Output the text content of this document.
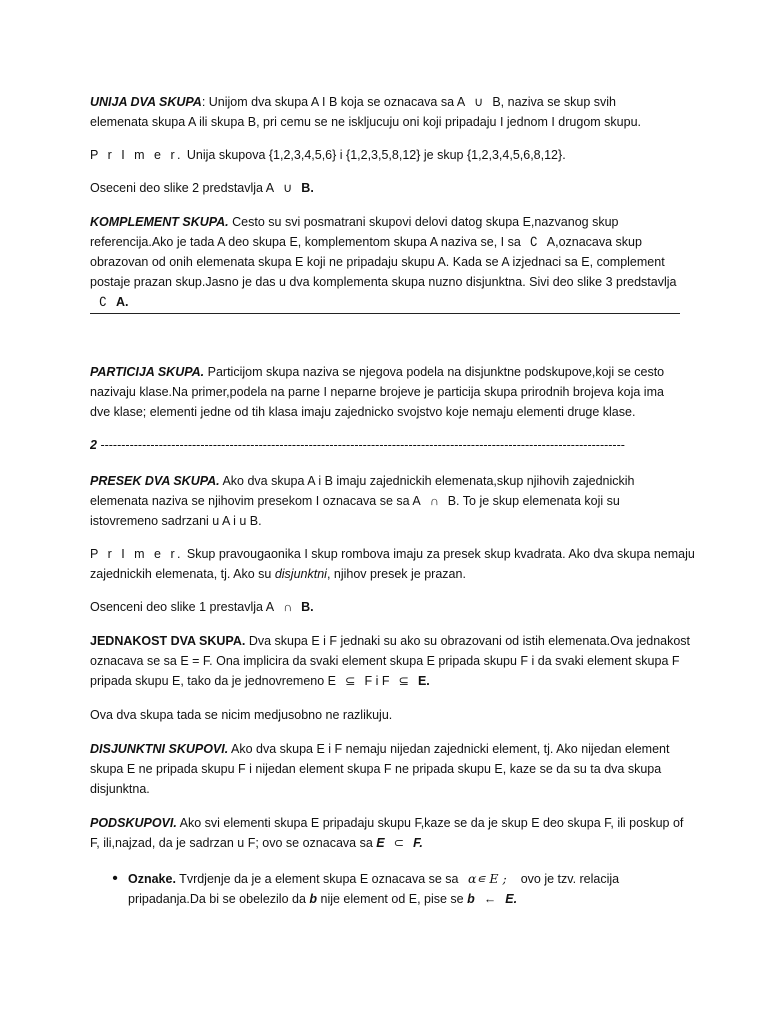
UNIJA DVA SKUPA: Unijom dva skupa A I B koja se oznacava sa A ∪ B, naziva se skup svih
elemenata skupa A ili skupa B, pri cemu se ne iskljucuju oni koji pripadaju I jednom I drugom skupu.
P r I m e r. Unija skupova {1,2,3,4,5,6} i {1,2,3,5,8,12} je skup {1,2,3,4,5,6,8,12}.
Oseceni deo slike 2 predstavlja A ∪ B.
KOMPLEMENT SKUPA. Cesto su svi posmatrani skupovi delovi datog skupa E,nazvanog skup
referencija.Ako je tada A deo skupa E, komplementom skupa A naziva se, I sa ∁ A,oznacava skup
obrazovan od onih elemenata skupa E koji ne pripadaju skupu A. Kada se A izjednaci sa E, complement
postaje prazan skup.Jasno je das u dva komplementa skupa nuzno disjunktna. Sivi deo slike 3 predstavlja
∁ A.
PARTICIJA SKUPA. Particijom skupa naziva se njegova podela na disjunktne podskupove,koji se cesto
nazivaju klase.Na primer,podela na parne I neparne brojeve je particija skupa prirodnih brojeva koja ima
dve klase; elementi jedne od tih klasa imaju zajednicko svojstvo koje nemaju elementi druge klase.
2 ------------------------------------------------------------------------------------------------------------------------------
PRESEK DVA SKUPA. Ako dva skupa A i B imaju zajednickih elemenata,skup njihovih zajednickih
elemenata naziva se njihovim presekom I oznacava se sa A ∩ B. To je skup elemenata koji su
istovremeno sadrzani u A i u B.
P r I m e r. Skup pravougaonika I skup rombova imaju za presek skup kvadrata. Ako dva skupa nemaju
zajednickih elemenata, tj. Ako su disjunktni, njihov presek je prazan.
Osenceni deo slike 1 prestavlja A ∩ B.
JEDNAKOST DVA SKUPA. Dva skupa E i F jednaki su ako su obrazovani od istih elemenata.Ova jednakost
oznacava se sa E = F. Ona implicira da svaki element skupa E pripada skupu F i da svaki element skupa F
pripada skupu E, tako da je jednovremeno E ⊆ F i F ⊆ E.
Ova dva skupa tada se nicim medjusobno ne razlikuju.
DISJUNKTNI SKUPOVI. Ako dva skupa E i F nemaju nijedan zajednicki element, tj. Ako nijedan element
skupa E ne pripada skupu F i nijedan element skupa F ne pripada skupu E, kaze se da su ta dva skupa
disjunktna.
PODSKUPOVI. Ako svi elementi skupa E pripadaju skupu F,kaze se da je skup E deo skupa F, ili poskup of
F, ili,najzad, da je sadrzan u F; ovo se oznacava sa E ⊂ F.
• Oznake. Tvrdjenje da je a element skupa E oznacava se sa α∊ E ; ovo je tzv. relacija
pripadanja.Da bi se obelezilo da b nije element od E, pise se b ← E.
